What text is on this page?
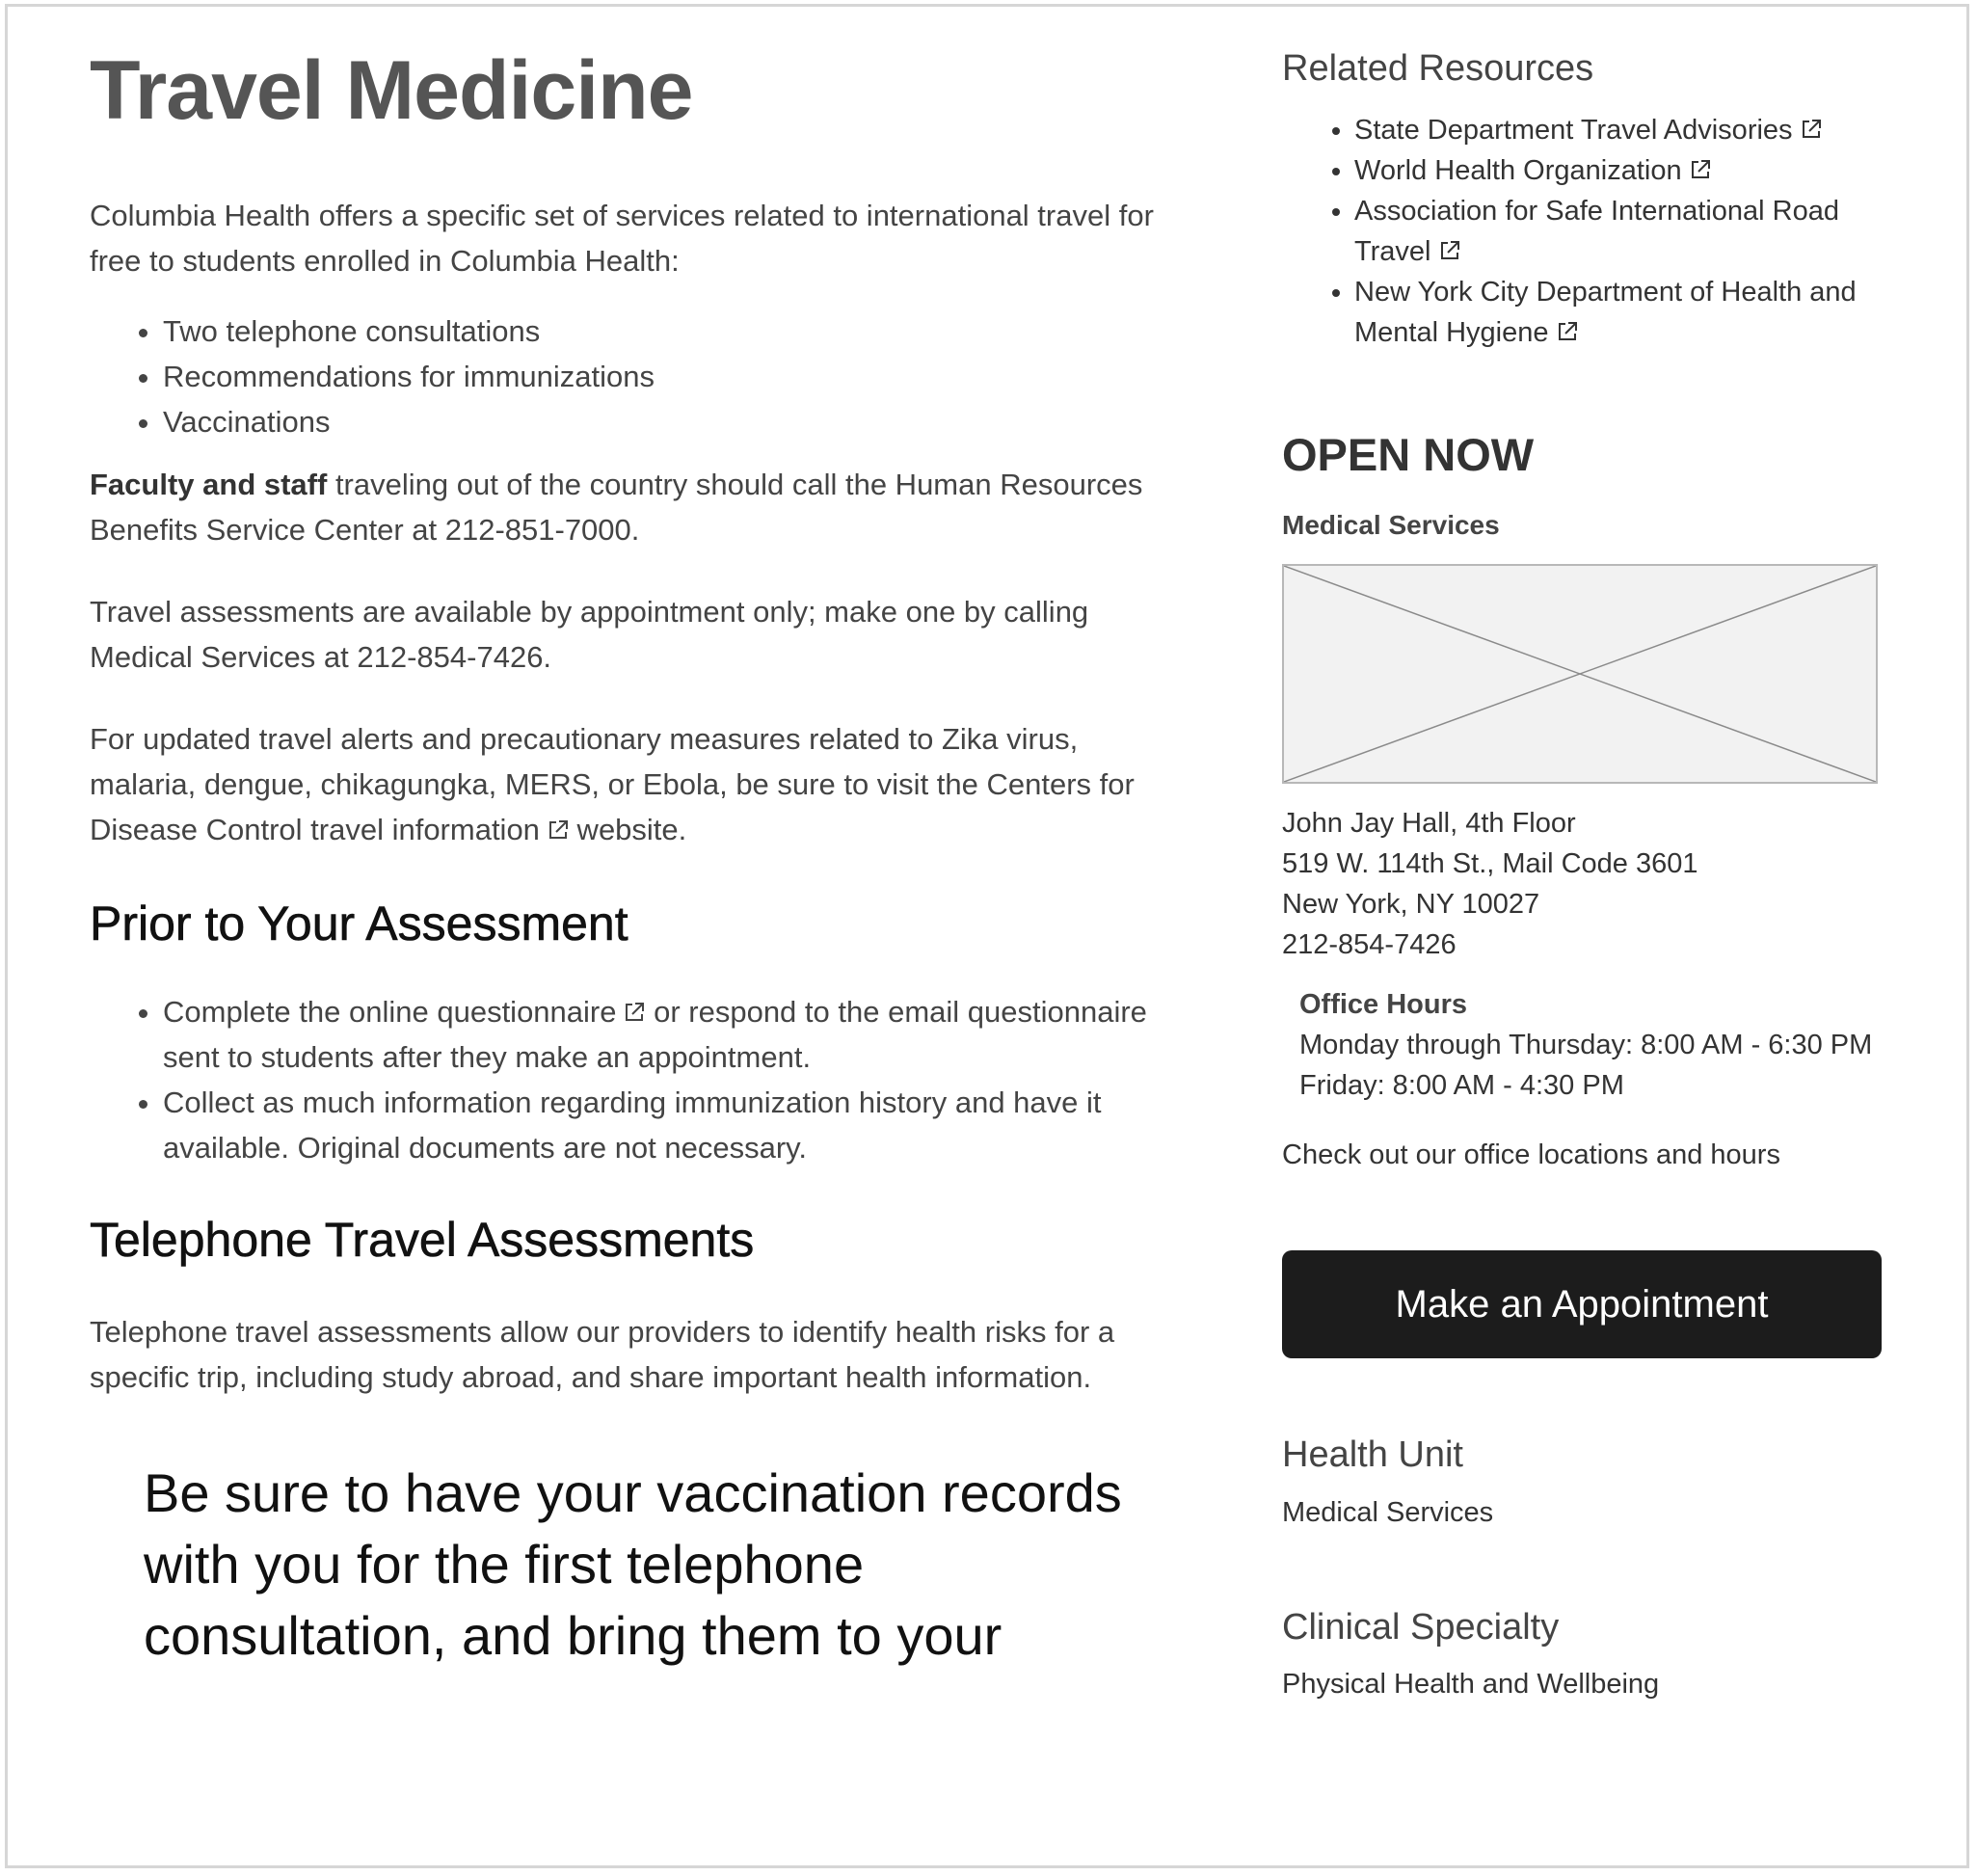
Travel Medicine

Columbia Health offers a specific set of services related to international travel for free to students enrolled in Columbia Health:

• Two telephone consultations
• Recommendations for immunizations
• Vaccinations

Faculty and staff traveling out of the country should call the Human Resources Benefits Service Center at 212-851-7000.

Travel assessments are available by appointment only; make one by calling Medical Services at 212-854-7426.

For updated travel alerts and precautionary measures related to Zika virus, malaria, dengue, chikagungka, MERS, or Ebola, be sure to visit the Centers for Disease Control travel information
website.

Prior to Your Assessment
• Complete the online questionnaire
or respond to the email questionnaire sent to students after they make an appointment.
• Collect as much information regarding immunization history and have it available. Original documents are not necessary.
Telephone Travel Assessments

Telephone travel assessments allow our providers to identify health risks for a specific trip, including study abroad, and share important health information.

Be sure to have your vaccination records with you for the first telephone consultation, and bring them to your
Related Resources
• State Department Travel Advisories
• World Health Organization
• Association for Safe International Road Travel
• New York City Department of Health and Mental Hygiene
OPEN NOW
Medical Services
John Jay Hall, 4th Floor
519 W. 114th St., Mail Code 3601
New York, NY 10027
212-854-7426
Office Hours
Monday through Thursday: 8:00 AM - 6:30 PM
Friday: 8:00 AM - 4:30 PM
Check out our office locations and hours
Make an Appointment
Health Unit
Medical Services
Clinical Specialty
Physical Health and Wellbeing
